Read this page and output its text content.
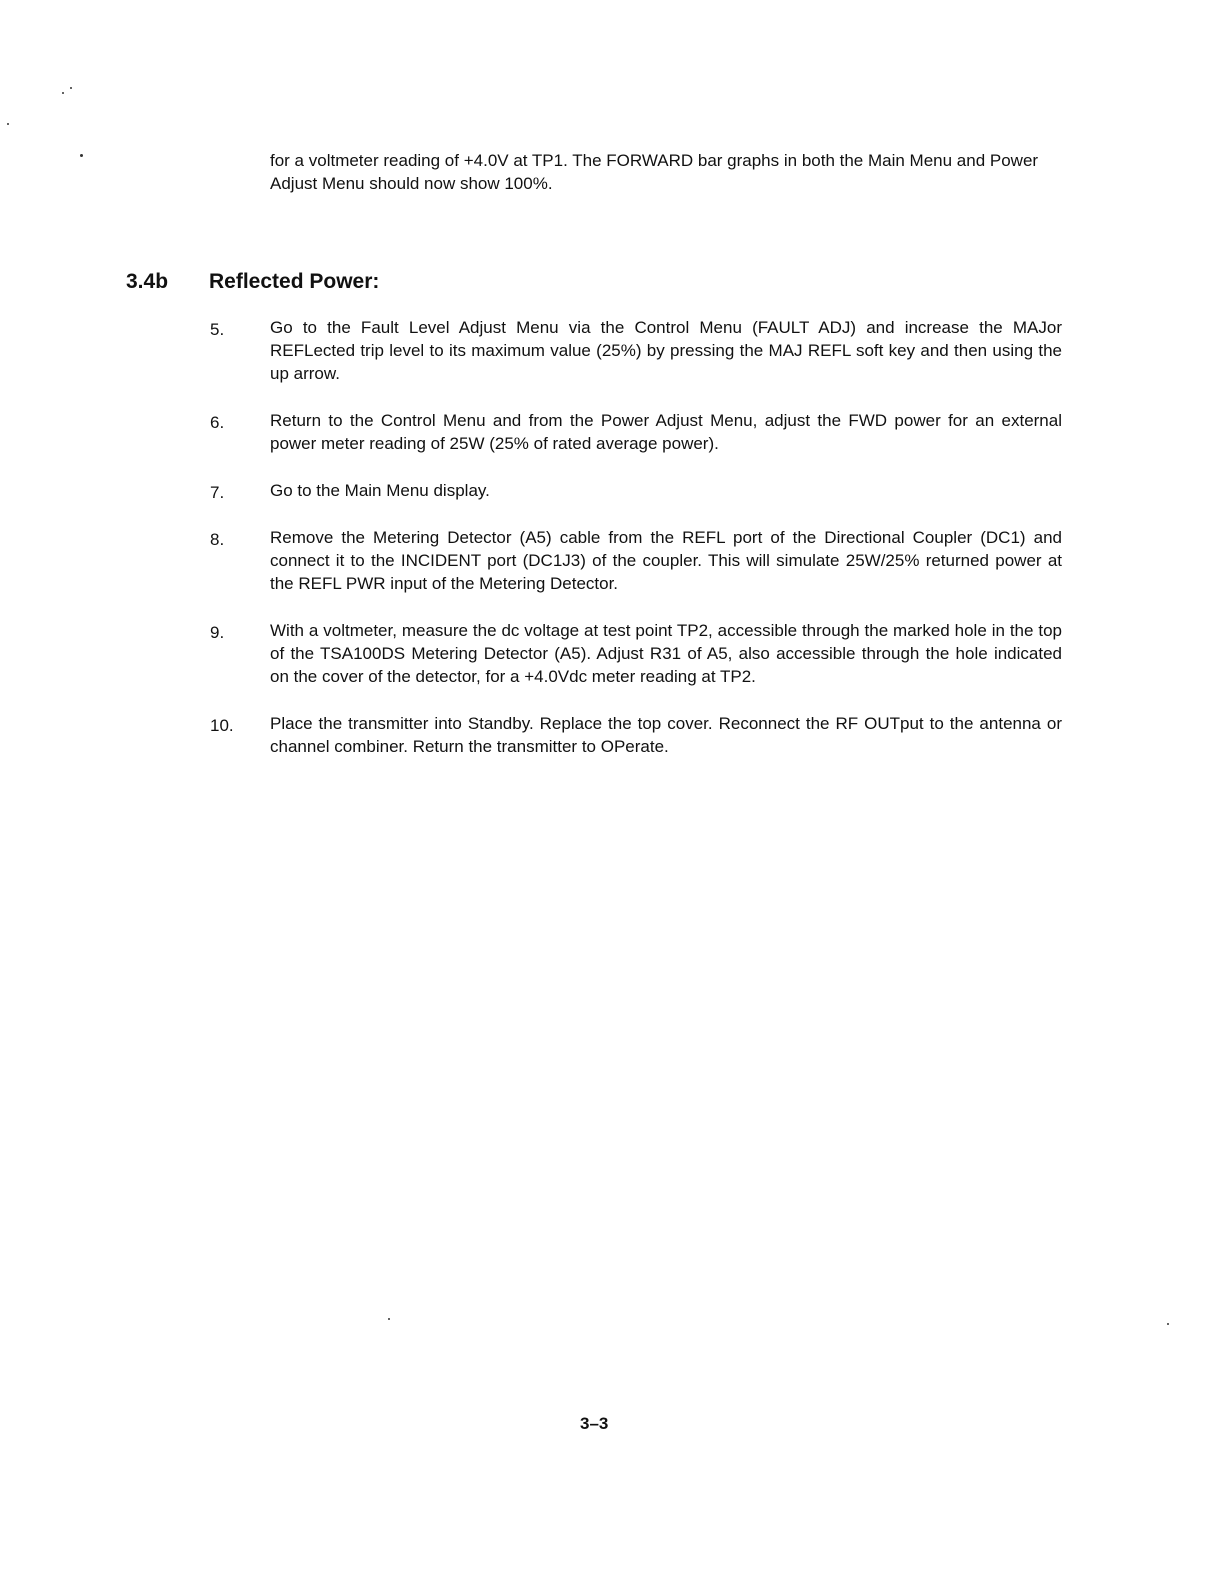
for a voltmeter reading of +4.0V at TP1. The FORWARD bar graphs in both the Main Menu and Power Adjust Menu should now show 100%.

3.4b Reflected Power:
5.	Go to the Fault Level Adjust Menu via the Control Menu (FAULT ADJ) and increase the MAJor REFLected trip level to its maximum value (25%) by pressing the MAJ REFL soft key and then using the up arrow.
6.	Return to the Control Menu and from the Power Adjust Menu, adjust the FWD power for an external power meter reading of 25W (25% of rated average power).
7.	Go to the Main Menu display.
8.	Remove the Metering Detector (A5) cable from the REFL port of the Directional Coupler (DC1) and connect it to the INCIDENT port (DC1J3) of the coupler. This will simulate 25W/25% returned power at the REFL PWR input of the Metering Detector.
9.	With a voltmeter, measure the dc voltage at test point TP2, accessible through the marked hole in the top of the TSA100DS Metering Detector (A5). Adjust R31 of A5, also accessible through the hole indicated on the cover of the detector, for a +4.0Vdc meter reading at TP2.
10.	Place the transmitter into Standby. Replace the top cover. Reconnect the RF OUTput to the antenna or channel combiner. Return the transmitter to OPerate.

3–3
